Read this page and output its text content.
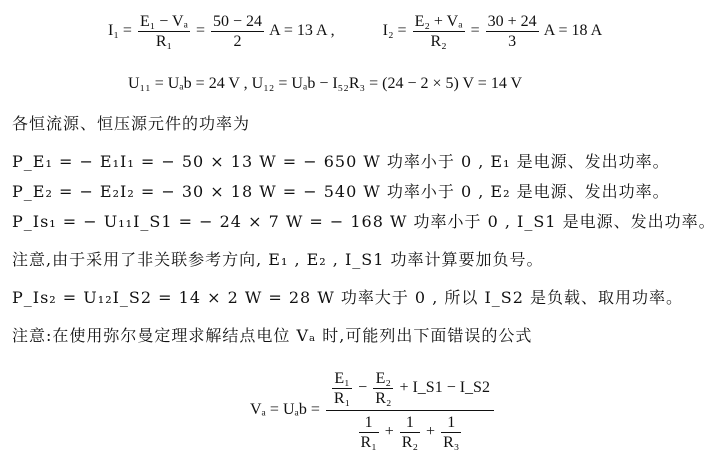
$I_1 = \frac{\text{E₁ − Vₐ}}{\text{R₁}} = \frac{50 - 24}{2}$ A = 13 A ,	$I_2 = \frac{\text{E₂ + Vₐ}}{\text{R₂}} = \frac{30 + 24}{3}$ A = 18 A
U₁₁ = Uₐb = 24 V , U₁₂ = Uₐb − I₅₂R₃ = (24 − 2 × 5) V = 14 V
各恒流源、恒压源元件的功率为
P_E₁ = − E₁I₁ = − 50 × 13 W = − 650 W 功率小于 0 , E₁ 是电源、发出功率。
P_E₂ = − E₂I₂ = − 30 × 18 W = − 540 W 功率小于 0 , E₂ 是电源、发出功率。
P_Is₁ = − U₁₁I_S1 = − 24 × 7 W = − 168 W 功率小于 0 , I_S1 是电源、发出功率。
注意,由于采用了非关联参考方向, E₁ , E₂ , I_S1 功率计算要加负号。
P_Is₂ = U₁₂I_S2 = 14 × 2 W = 28 W 功率大于 0 , 所以 I_S2 是负载、取用功率。
注意:在使用弥尔曼定理求解结点电位 Vₐ 时,可能列出下面错误的公式
Vₐ = Uₐb =
$\frac{\text{E₁}}{\text{R₁}} - \frac{\text{E₂}}{\text{R₂}}$ + I_S1 − I_S2
$\frac{1}{\text{R₁}} + \frac{1}{\text{R₂}} + \frac{1}{\text{R₃}}$
